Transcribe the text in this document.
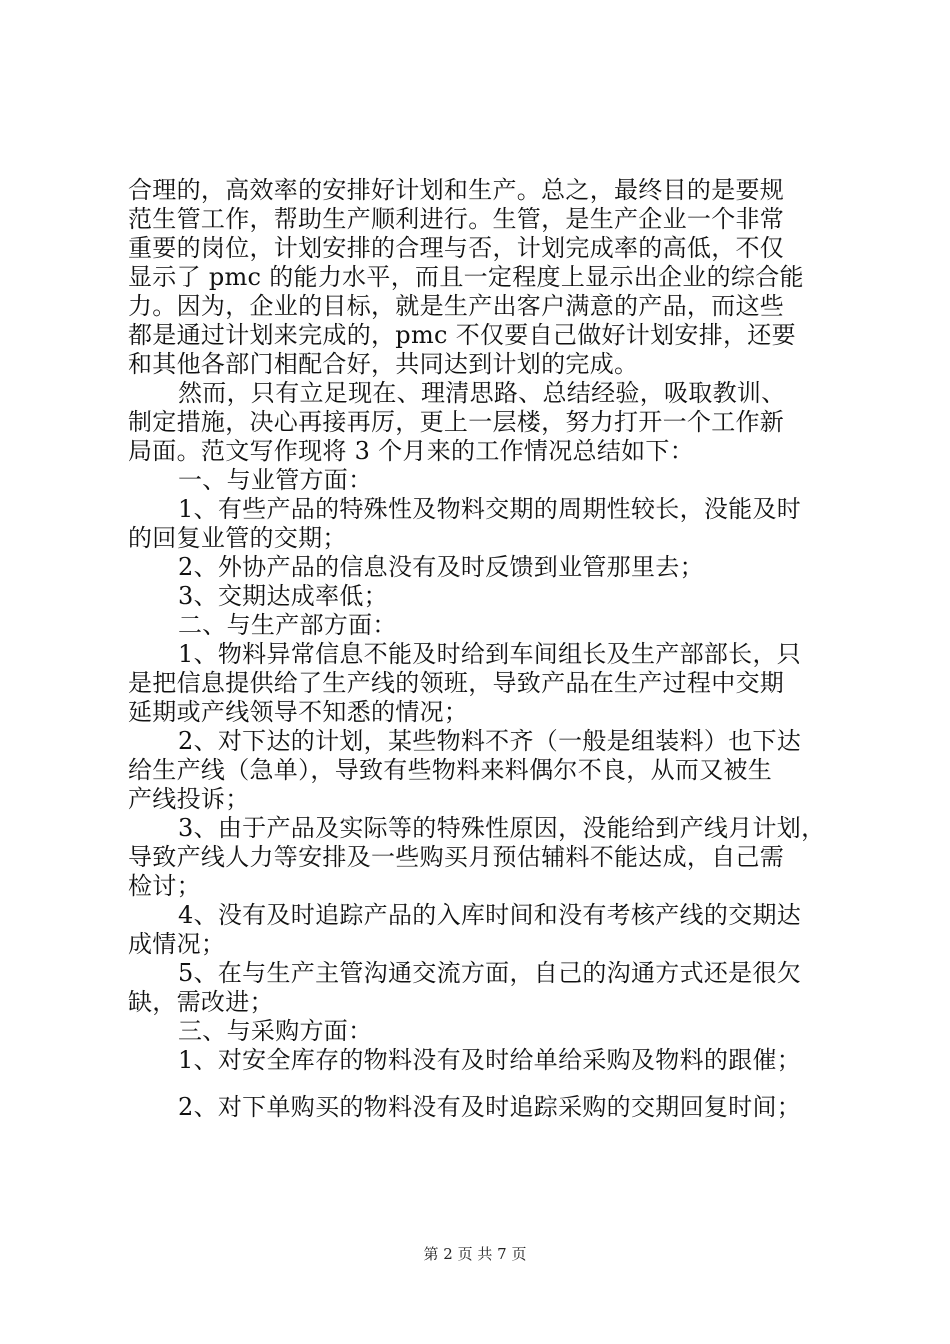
合理的，高效率的安排好计划和生产。总之，最终目的是要规
范生管工作，帮助生产顺利进行。生管，是生产企业一个非常
重要的岗位，计划安排的合理与否，计划完成率的高低，不仅
显示了 pmc 的能力水平，而且一定程度上显示出企业的综合能
力。因为，企业的目标，就是生产出客户满意的产品，而这些
都是通过计划来完成的，pmc 不仅要自己做好计划安排，还要
和其他各部门相配合好，共同达到计划的完成。
然而，只有立足现在、理清思路、总结经验，吸取教训、
制定措施，决心再接再厉，更上一层楼，努力打开一个工作新
局面。范文写作现将 3 个月来的工作情况总结如下：
一、与业管方面：
1、有些产品的特殊性及物料交期的周期性较长，没能及时
的回复业管的交期；
2、外协产品的信息没有及时反馈到业管那里去；
3、交期达成率低；
二、与生产部方面：
1、物料异常信息不能及时给到车间组长及生产部部长，只
是把信息提供给了生产线的领班，导致产品在生产过程中交期
延期或产线领导不知悉的情况；
2、对下达的计划，某些物料不齐（一般是组装料）也下达
给生产线（急单），导致有些物料来料偶尔不良，从而又被生
产线投诉；
3、由于产品及实际等的特殊性原因，没能给到产线月计划，
导致产线人力等安排及一些购买月预估辅料不能达成，自己需
检讨；
4、没有及时追踪产品的入库时间和没有考核产线的交期达
成情况；
5、在与生产主管沟通交流方面，自己的沟通方式还是很欠
缺，需改进；
三、与采购方面：
1、对安全库存的物料没有及时给单给采购及物料的跟催；
2、对下单购买的物料没有及时追踪采购的交期回复时间；
第 2 页 共 7 页
